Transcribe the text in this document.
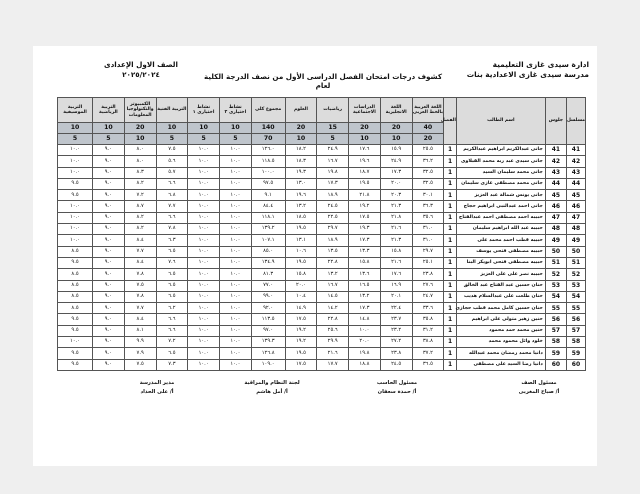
ادارة سيدى غازى التعليمية
مدرسة سيدى غازى الاعدادية بنات
كشوف درجات امتحان الفصل الدراسى الأول من نصف الدرجة الكلية لعام
الصف الاول الإعدادى
٢٠٢٥/٢٠٢٤
مسلسل	جلوس	اسم الطالب	الفصل	اللغة العربية بالخط العربى	اللغة الانجليزية	الدراسات الاجتماعية	رياضيات	العلوم	مجموع كلى	نشاط اختيارى ٢	نشاط اختيارى ١	التربية الفنية	الكمبيوتر والتكنولوجيا المعلومات	التربية الرياضية	التربية الموسيقية
				40	20	20	15	20	140	10	10	10	20	10	10
				20	10	10	5	10	70	5	5	5	10	5	5
41	41	جانى عبدالكريم ابراهيم عبدالكريم	1	٢٥.٥	١٥.٩	١٧.٦	٢٤.٩	١٨.٢	١٢٦.٠	١٠.٠	١٠.٠	٧.٥	٨.٠	٩.٠	١٠.٠
42	42	جانى سيدى عبد ربه محمد القبلاوى	1	٣٦.٢	٢٤.٩	١٩.٦	١٦.٧	١٨.٣	١١٨.٥	١٠.٠	١٠.٠	٥.٦	٨.٠	٩.٠	١٠.٠
43	43	جانى محمد سليمان السيد	1	٣٢.٥	١٧.٣	١٨.٧	١٩.٨	١٩.٣	١٠٠.٠	١٠.٠	١٠.٠	٥.٧	٨.٣	٩.٠	١٠.٠
44	44	جانى محمد مصطفى غازى سليمان	1	٣٢.٥	٢٠.٠	١٩.٥	١٧.٣	١٣.٠	٩٧.٥	١٠.٠	١٠.٠	٦.٦	٨.٢	٩.٠	٩.٥
45	45	جانى يونس شمالة عبد العزيز	1	٣٠.١	٢٠.٣	٢١.٨	١٨.٩	١٩.٦	٩.١	١٠.٠	١٠.٠	٦.٨	٧.٢	٩.٠	٩.٥
46	46	جانى احمد عبدالنبى ابراهيم حجاج	1	٣٦.٣	٢١.٣	١٩.٢	٢٤.٥	١٣.٢	٨٤.٤	١٠.٠	١٠.٠	٧.٧	٨.٧	٩.٠	١٠.٠
47	47	حبيبه احمد مصطفى احمد عبدالفتاح	1	٣٥.٦	٢١.٨	١٧.٥	٢٢.٥	١٨.٥	١١٨.١	١٠.٠	١٠.٠	٦.٦	٨.٢	٩.٠	١٠.٠
48	48	حبيبه عبد الله ابراهيم سليمان	1	٣١.٠	٢١.٦	١٩.٣	٢٩.٧	١٩.٥	١٣٩.٢	١٠.٠	١٠.٠	٧.٨	٨.٢	٩.٠	١٠.٠
49	49	حبيبه قطب احمد محمد على	1	٣١.٠	٢١.٣	١٧.٣	١٨.٩	١٣.١	١٠٧.١	١٠.٠	١٠.٠	٦.٣	٨.٤	٩.٠	١٠.٠
50	50	حبيبه مصطفى فتحى يوسف	1	٢٩.٧	١٥.٨	١٣.٣	١٣.٥	١٠.٦	٨٥.٠	١٠.٠	١٠.٠	٦.٥	٧.٧	٩.٠	٨.٥
51	51	حبيبه مصطفى فتحى ابويكر البنا	1	٢٥.١	٢١.٦	١٥.٨	٢٢.٨	١٩.٥	١٣٤.٩	١٠.٠	١٠.٠	٧.٦	٨.٤	٩.٠	٩.٥
52	52	حبيبه نصر على على العزيز	1	٢٣.٨	١٧.٦	١٣.٦	١٣.٢	١٥.٨	٨١.٣	١٠.٠	١٠.٠	٦.٥	٧.٨	٩.٠	٨.٥
53	53	حنان حسين عبد الفتاح عبد الخالق	1	٢٧.٦	١٦.٩	١٦.٥	١٦.٧	٢٠.٠	٧٧.٠	١٠.٠	١٠.٠	٦.٥	٧.٥	٩.٠	٨.٥
54	54	حنان طلعت على عبدالسلام هديب	1	٢٤.٧	٢٠.١	١٣.٢	١٤.٥	١٠.٤	٩٩.٠	١٠.٠	١٠.٠	٦.٥	٧.٨	٩.٠	٨.٥
55	55	حنان حسين كامل محمد قطب حجازى	1	٣٣.٦	٢٢.٤	١٧.٣	١٤.٢	١٤.٩	٩٢.٠	١٠.٠	١٠.٠	٦.٢	٧.٧	٩.٠	٨.٥
56	56	حنين زهير متولى على ابراهيم	1	٣٥.٨	٢٣.٧	١٤.٨	٢٢.٨	١٧.٥	١١٣.٥	١٠.٠	١٠.٠	٦.٦	٨.٤	٩.٠	٩.٥
57	57	حنين محمد حمد محمود	1	٣١.٢	٢٣.٢	١٠.٠	٢٥.٦	١٩.٢	٩٧.٠	١٠.٠	١٠.٠	٦.٦	٨.١	٩.٠	٩.٥
58	58	خلود وائل محمود محمد	1	٣٨.٨	٢٧.٢	٢٠.٠	٢٩.٩	١٩.٢	١٣٩.٣	١٠.٠	١٠.٠	٧.٢	٩.٩	٩.٠	١٠.٠
59	59	دانيا محمد رمضان محمد عبدالله	1	٣٧.٢	٢٣.٨	١٩.٨	٢١.٦	١٩.٥	١٢٦.٨	١٠.٠	١٠.٠	٦.٥	٧.٩	٩.٠	٩.٥
60	60	دانيا رضا السيد على مصطفى	1	٣٦.٥	٢٤.٥	١٨.٨	١٧.٧	١٧.٥	١٠٩.٠	١٠.٠	١٠.٠	٧.٣	٧.٥	٩.٠	٩.٥
مسئول الصف
أ/ صباح المغربى
مسئول الحاسب
أ/ حمدة سعفان
لجنة النظام والمراقبة
أ/ أمل هاشم
مدير المدرسة
أ/ على الحداد
